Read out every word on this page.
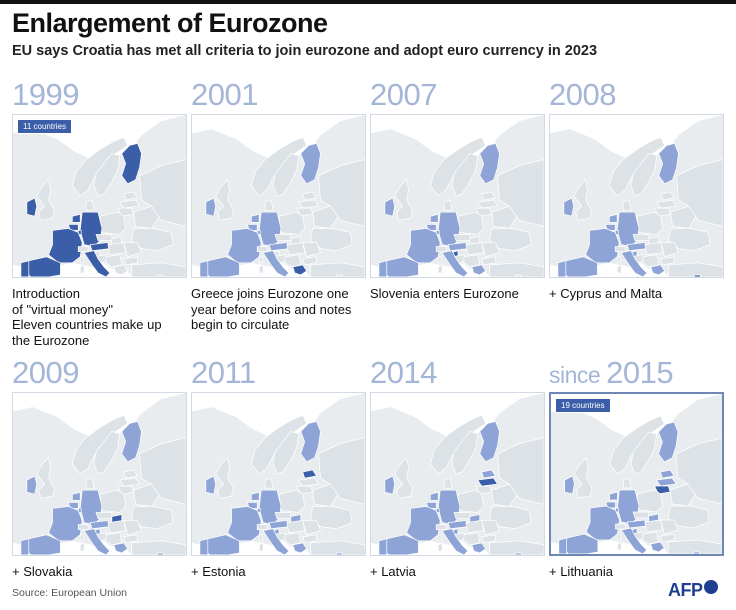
Enlargement of Eurozone
EU says Croatia has met all criteria to join eurozone and adopt euro currency in 2023
1999
11 countries
Introduction
of "virtual money"
Eleven countries make up
the Eurozone
2001
Greece joins Eurozone one
year before coins and notes
begin to circulate
2007
Slovenia enters Eurozone
2008
+ Cyprus and Malta
2009
+ Slovakia
2011
+ Estonia
2014
+ Latvia
since 2015
19 countries
+ Lithuania
Source: European Union	AFP
